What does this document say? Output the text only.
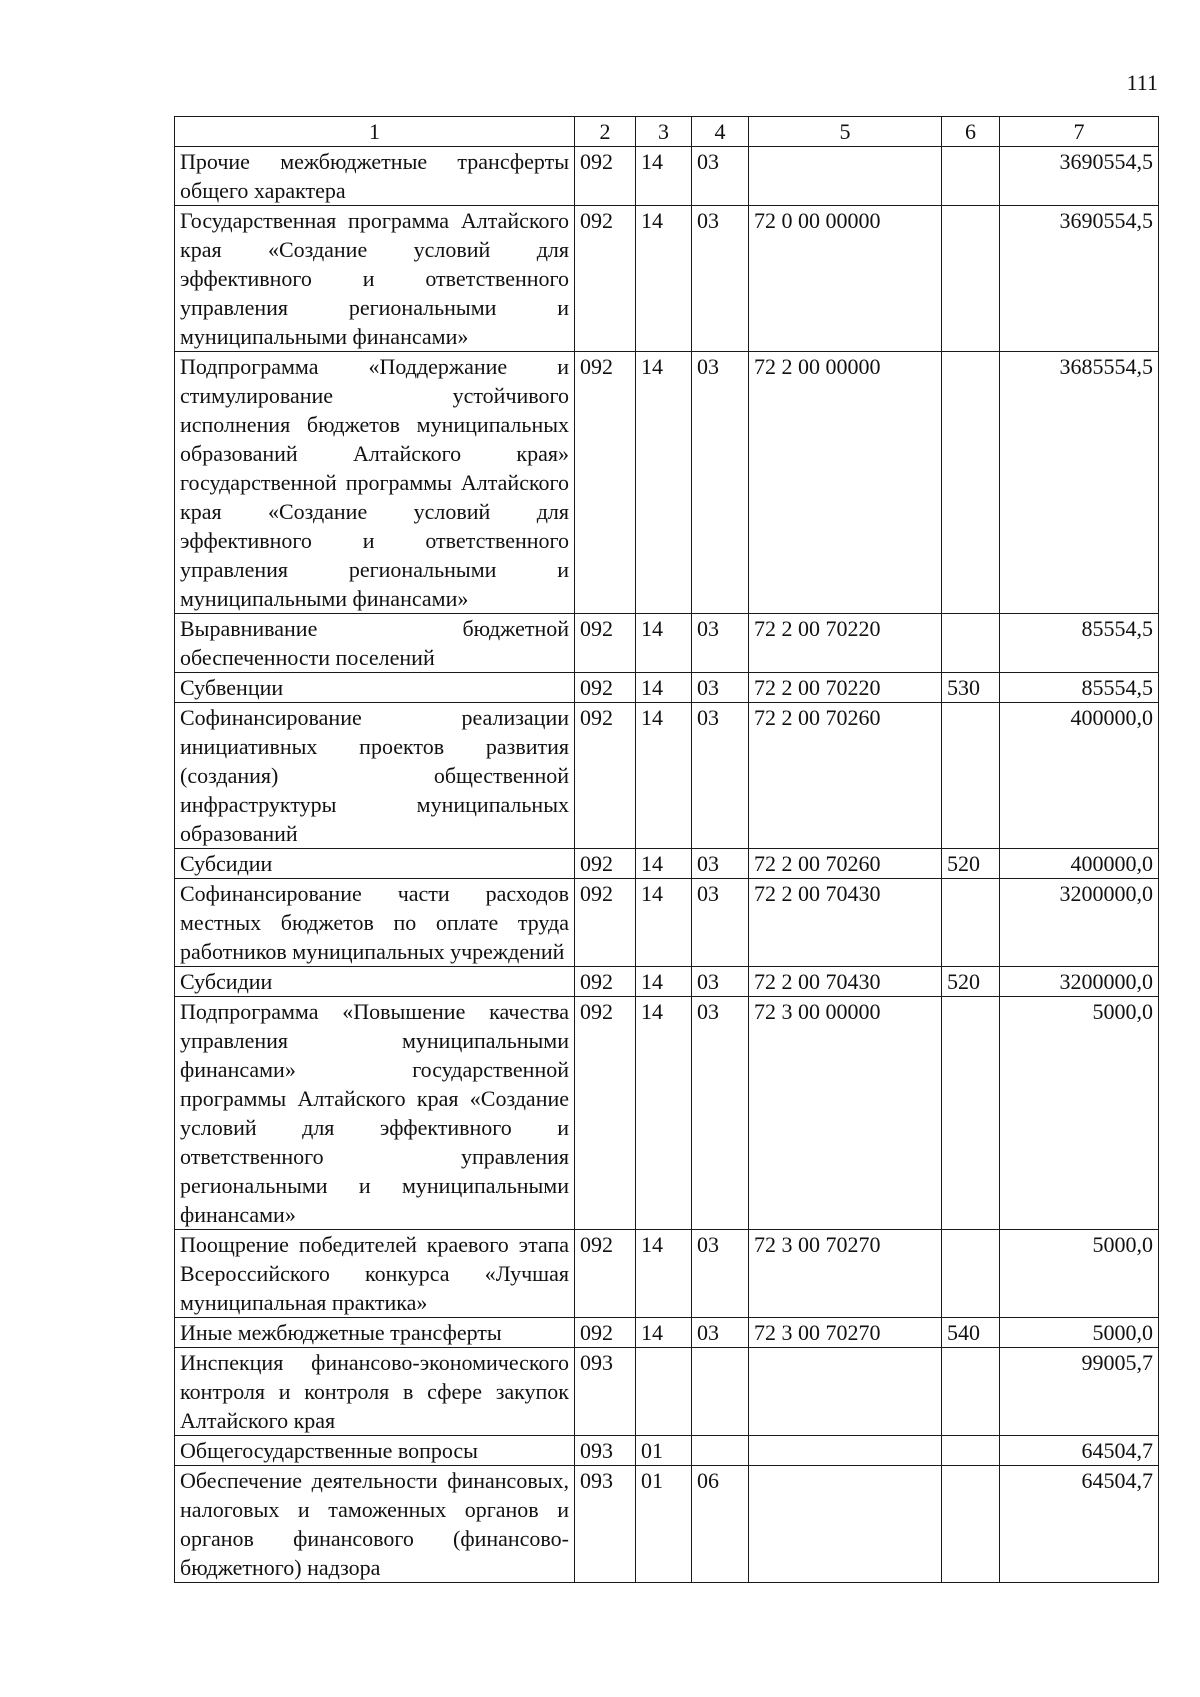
111
1	2	3	4	5	6	7
Прочие межбюджетные трансферты общего характера	092	14	03			3690554,5
Государственная программа Алтайского края «Создание условий для эффективного и ответственного управления региональными и муниципальными финансами»	092	14	03	72 0 00 00000		3690554,5
Подпрограмма «Поддержание и стимулирование устойчивого исполнения бюджетов муниципальных образований Алтайского края» государственной программы Алтайского края «Создание условий для эффективного и ответственного управления региональными и муниципальными финансами»	092	14	03	72 2 00 00000		3685554,5
Выравнивание бюджетной обеспеченности поселений	092	14	03	72 2 00 70220		85554,5
Субвенции	092	14	03	72 2 00 70220	530	85554,5
Софинансирование реализации инициативных проектов развития (создания) общественной инфраструктуры муниципальных образований	092	14	03	72 2 00 70260		400000,0
Субсидии	092	14	03	72 2 00 70260	520	400000,0
Софинансирование части расходов местных бюджетов по оплате труда работников муниципальных учреждений	092	14	03	72 2 00 70430		3200000,0
Субсидии	092	14	03	72 2 00 70430	520	3200000,0
Подпрограмма «Повышение качества управления муниципальными финансами» государственной программы Алтайского края «Создание условий для эффективного и ответственного управления региональными и муниципальными финансами»	092	14	03	72 3 00 00000		5000,0
Поощрение победителей краевого этапа Всероссийского конкурса «Лучшая муниципальная практика»	092	14	03	72 3 00 70270		5000,0
Иные межбюджетные трансферты	092	14	03	72 3 00 70270	540	5000,0
Инспекция финансово-экономического контроля и контроля в сфере закупок Алтайского края	093					99005,7
Общегосударственные вопросы	093	01				64504,7
Обеспечение деятельности финансовых, налоговых и таможенных органов и органов финансового (финансово-бюджетного) надзора	093	01	06			64504,7
